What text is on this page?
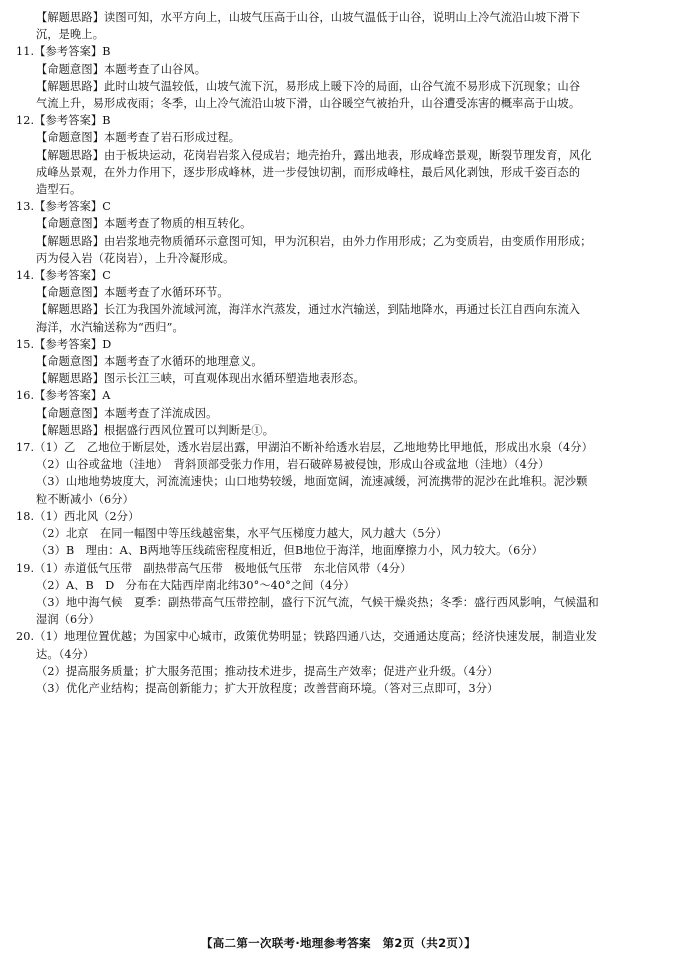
【解题思路】读图可知，水平方向上，山坡气压高于山谷，山坡气温低于山谷，说明山上冷气流沿山坡下滑下
沉，是晚上。
11.【参考答案】B
【命题意图】本题考查了山谷风。
【解题思路】此时山坡气温较低，山坡气流下沉，易形成上暖下冷的局面，山谷气流不易形成下沉现象；山谷
气流上升，易形成夜雨；冬季，山上冷气流沿山坡下滑，山谷暖空气被抬升，山谷遭受冻害的概率高于山坡。
12.【参考答案】B
【命题意图】本题考查了岩石形成过程。
【解题思路】由于板块运动，花岗岩岩浆入侵成岩；地壳抬升，露出地表，形成峰峦景观，断裂节理发育，风化
成峰丛景观，在外力作用下，逐步形成峰林，进一步侵蚀切割，而形成峰柱，最后风化剥蚀，形成千姿百态的
造型石。
13.【参考答案】C
【命题意图】本题考查了物质的相互转化。
【解题思路】由岩浆地壳物质循环示意图可知，甲为沉积岩，由外力作用形成；乙为变质岩，由变质作用形成；
丙为侵入岩（花岗岩），上升冷凝形成。
14.【参考答案】C
【命题意图】本题考查了水循环环节。
【解题思路】长江为我国外流域河流，海洋水汽蒸发，通过水汽输送，到陆地降水，再通过长江自西向东流入
海洋，水汽输送称为“西归”。
15.【参考答案】D
【命题意图】本题考查了水循环的地理意义。
【解题思路】图示长江三峡，可直观体现出水循环塑造地表形态。
16.【参考答案】A
【命题意图】本题考查了洋流成因。
【解题思路】根据盛行西风位置可以判断是①。
17.（1）乙　乙地位于断层处，透水岩层出露，甲湖泊不断补给透水岩层，乙地地势比甲地低，形成出水泉（4分）
（2）山谷或盆地（洼地）　背斜顶部受张力作用，岩石破碎易被侵蚀，形成山谷或盆地（洼地）（4分）
（3）山地地势坡度大，河流流速快；山口地势较缓，地面宽阔，流速减缓，河流携带的泥沙在此堆积。泥沙颗
粒不断减小（6分）
18.（1）西北风（2分）
（2）北京　在同一幅图中等压线越密集，水平气压梯度力越大，风力越大（5分）
（3）B　理由：A、B两地等压线疏密程度相近，但B地位于海洋，地面摩擦力小，风力较大。（6分）
19.（1）赤道低气压带　副热带高气压带　极地低气压带　东北信风带（4分）
（2）A、B　D　分布在大陆西岸南北纬30°～40°之间（4分）
（3）地中海气候　夏季：副热带高气压带控制，盛行下沉气流，气候干燥炎热；冬季：盛行西风影响，气候温和
湿润（6分）
20.（1）地理位置优越；为国家中心城市，政策优势明显；铁路四通八达，交通通达度高；经济快速发展，制造业发
达。（4分）
（2）提高服务质量；扩大服务范围；推动技术进步，提高生产效率；促进产业升级。（4分）
（3）优化产业结构；提高创新能力；扩大开放程度；改善营商环境。（答对三点即可，3分）
【高二第一次联考·地理参考答案　第2页（共2页）】
